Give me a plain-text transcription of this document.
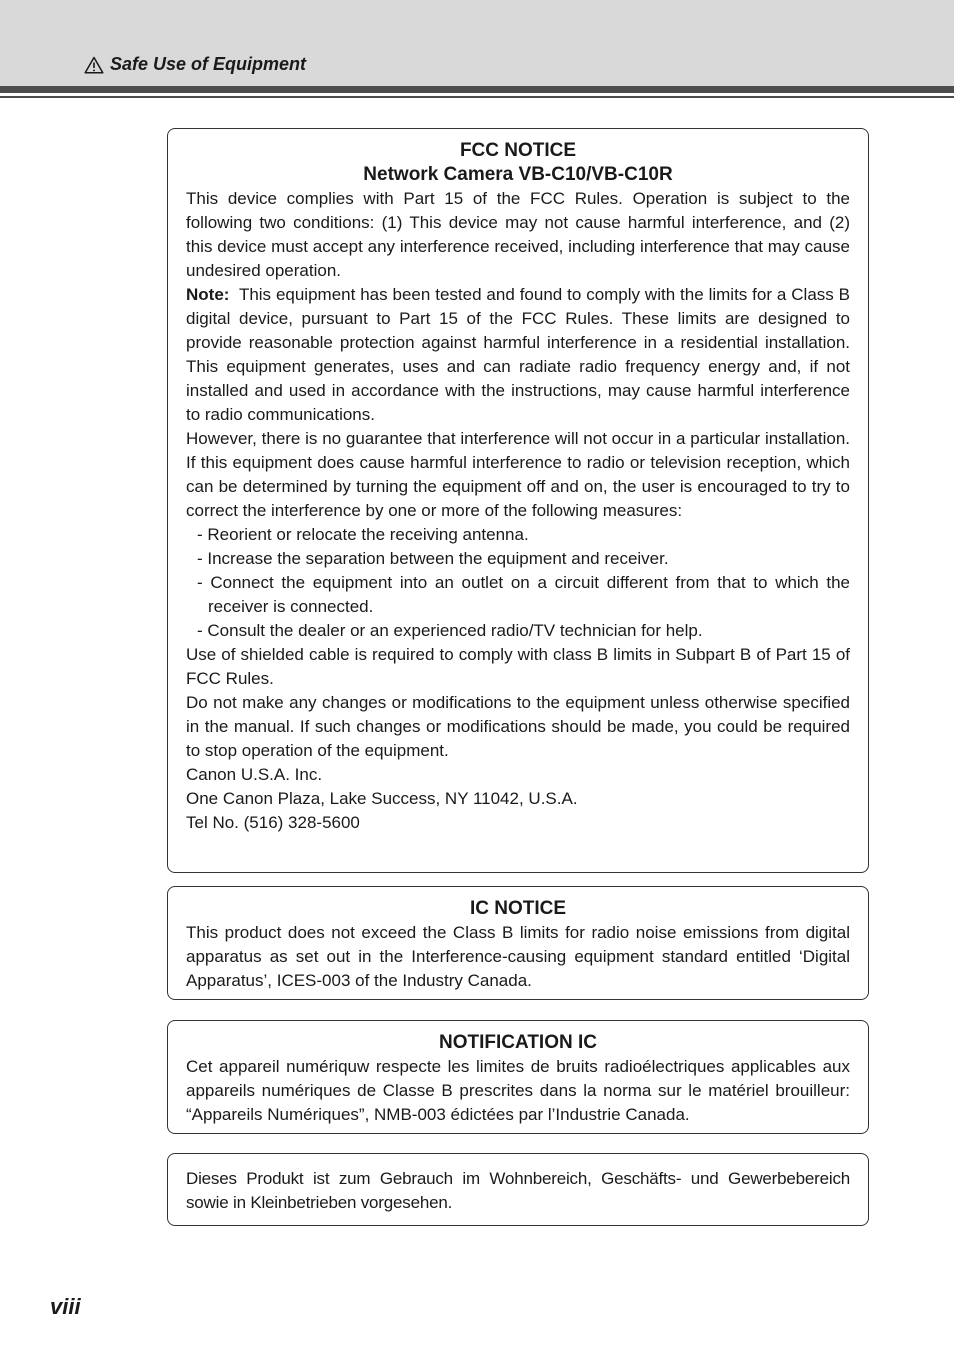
Safe Use of Equipment
FCC NOTICE
Network Camera VB-C10/VB-C10R

This device complies with Part 15 of the FCC Rules. Operation is subject to the following two conditions: (1) This device may not cause harmful interference, and (2) this device must accept any interference received, including interference that may cause undesired operation.

Note: This equipment has been tested and found to comply with the limits for a Class B digital device, pursuant to Part 15 of the FCC Rules. These limits are designed to provide reasonable protection against harmful interference in a residential installation. This equipment generates, uses and can radiate radio frequency energy and, if not installed and used in accordance with the instructions, may cause harmful interference to radio communications.

However, there is no guarantee that interference will not occur in a particular installation. If this equipment does cause harmful interference to radio or television reception, which can be determined by turning the equipment off and on, the user is encouraged to try to correct the interference by one or more of the following measures:

- Reorient or relocate the receiving antenna.

- Increase the separation between the equipment and receiver.

- Connect the equipment into an outlet on a circuit different from that to which the receiver is connected.

- Consult the dealer or an experienced radio/TV technician for help.

Use of shielded cable is required to comply with class B limits in Subpart B of Part 15 of FCC Rules.

Do not make any changes or modifications to the equipment unless otherwise specified in the manual. If such changes or modifications should be made, you could be required to stop operation of the equipment.

Canon U.S.A. Inc.

One Canon Plaza, Lake Success, NY 11042, U.S.A.

Tel No. (516) 328-5600

IC NOTICE

This product does not exceed the Class B limits for radio noise emissions from digital apparatus as set out in the Interference-causing equipment standard entitled ‘Digital Apparatus’, ICES-003 of the Industry Canada.

NOTIFICATION IC

Cet appareil numériquw respecte les limites de bruits radioélectriques applicables aux appareils numériques de Classe B prescrites dans la norma sur le matériel brouilleur: “Appareils Numériques”, NMB-003 édictées par l’Industrie Canada.

Dieses Produkt ist zum Gebrauch im Wohnbereich, Geschäfts- und Gewerbebereich sowie in Kleinbetrieben vorgesehen.

viii
